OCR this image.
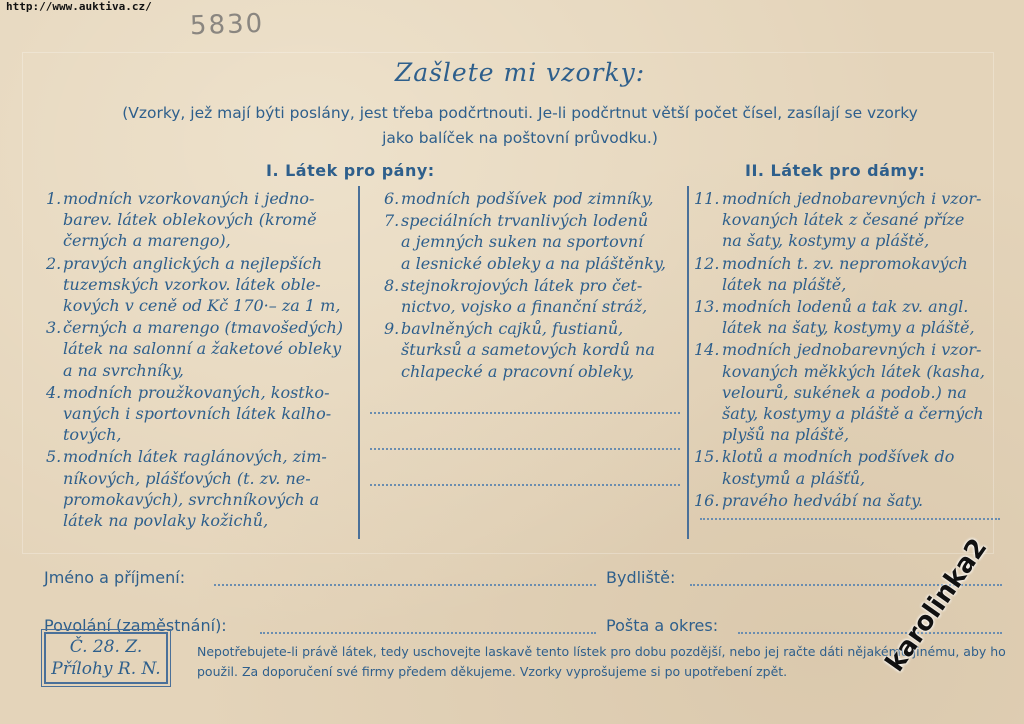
http://www.auktiva.cz/
5830
Zašlete mi vzorky:
(Vzorky, jež mají býti poslány, jest třeba podčrtnouti. Je-li podčrtnut větší počet čísel, zasílají se vzorky
jako balíček na poštovní průvodku.)
I. Látek pro pány:	II. Látek pro dámy:
1. modních vzorkovaných i jedno-
barev. látek oblekových (kromě
černých a marengo),
2. pravých anglických a nejlepších
tuzemských vzorkov. látek oble-
kových v ceně od Kč 170·– za 1 m,
3. černých a marengo (tmavošedých)
látek na salonní a žaketové obleky
a na svrchníky,
4. modních proužkovaných, kostko-
vaných i sportovních látek kalho-
tových,
5. modních látek raglánových, zim-
níkových, plášťových (t. zv. ne-
promokavých), svrchníkových a
látek na povlaky kožichů,
6. modních podšívek pod zimníky,
7. speciálních trvanlivých lodenů
a jemných suken na sportovní
a lesnické obleky a na pláštěnky,
8. stejnokrojových látek pro čet-
nictvo, vojsko a finanční stráž,
9. bavlněných cajků, fustianů,
šturksů a sametových kordů na
chlapecké a pracovní obleky,
11. modních jednobarevných i vzor-
kovaných látek z česané příze
na šaty, kostymy a pláště,
12. modních t. zv. nepromokavých
látek na pláště,
13. modních lodenů a tak zv. angl.
látek na šaty, kostymy a pláště,
14. modních jednobarevných i vzor-
kovaných měkkých látek (kasha,
velourů, sukének a podob.) na
šaty, kostymy a pláště a černých
plyšů na pláště,
15. klotů a modních podšívek do
kostymů a plášťů,
16. pravého hedvábí na šaty.
Jméno a příjmení:	Bydliště:
Povolání (zaměstnání):	Pošta a okres:
Č. 28. Z.
Přílohy R. N.
Nepotřebujete-li právě látek, tedy uschovejte laskavě tento lístek pro dobu pozdější, nebo jej račte dáti nějakému jinému, aby ho použil. Za doporučení své firmy předem děkujeme. Vzorky vyprošujeme si po upotřebení zpět.	karolinka2
